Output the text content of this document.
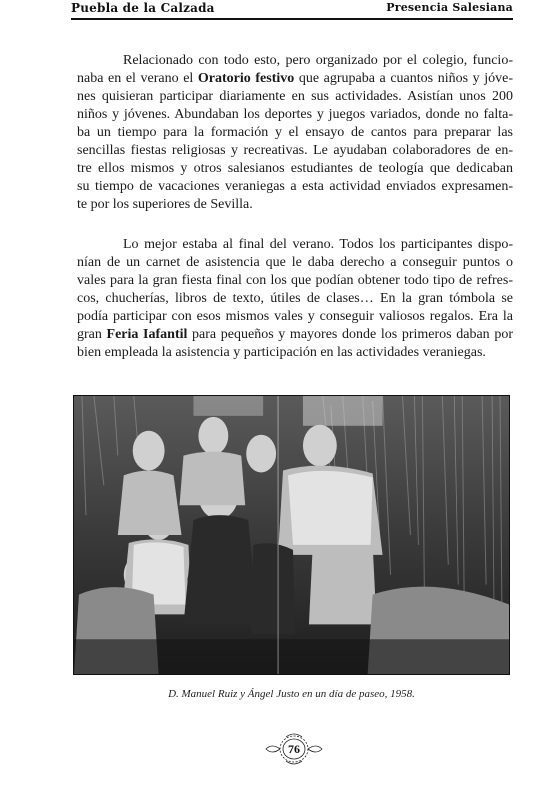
Puebla de la Calzada	Presencia Salesiana
Relacionado con todo esto, pero organizado por el colegio, funcio-
naba en el verano el Oratorio festivo que agrupaba a cuantos niños y jóve-
nes quisieran participar diariamente en sus actividades. Asistían unos 200
niños y jóvenes. Abundaban los deportes y juegos variados, donde no falta-
ba un tiempo para la formación y el ensayo de cantos para preparar las
sencillas fiestas religiosas y recreativas. Le ayudaban colaboradores de en-
tre ellos mismos y otros salesianos estudiantes de teología que dedicaban
su tiempo de vacaciones veraniegas a esta actividad enviados expresamen-
te por los superiores de Sevilla.
Lo mejor estaba al final del verano. Todos los participantes dispo-
nían de un carnet de asistencia que le daba derecho a conseguir puntos o
vales para la gran fiesta final con los que podían obtener todo tipo de refres-
cos, chucherías, libros de texto, útiles de clases… En la gran tómbola se
podía participar con esos mismos vales y conseguir valiosos regalos. Era la
gran Feria Iafantil para pequeños y mayores donde los primeros daban por
bien empleada la asistencia y participación en las actividades veraniegas.
D. Manuel Ruiz y Ángel Justo en un día de paseo, 1958.
76
